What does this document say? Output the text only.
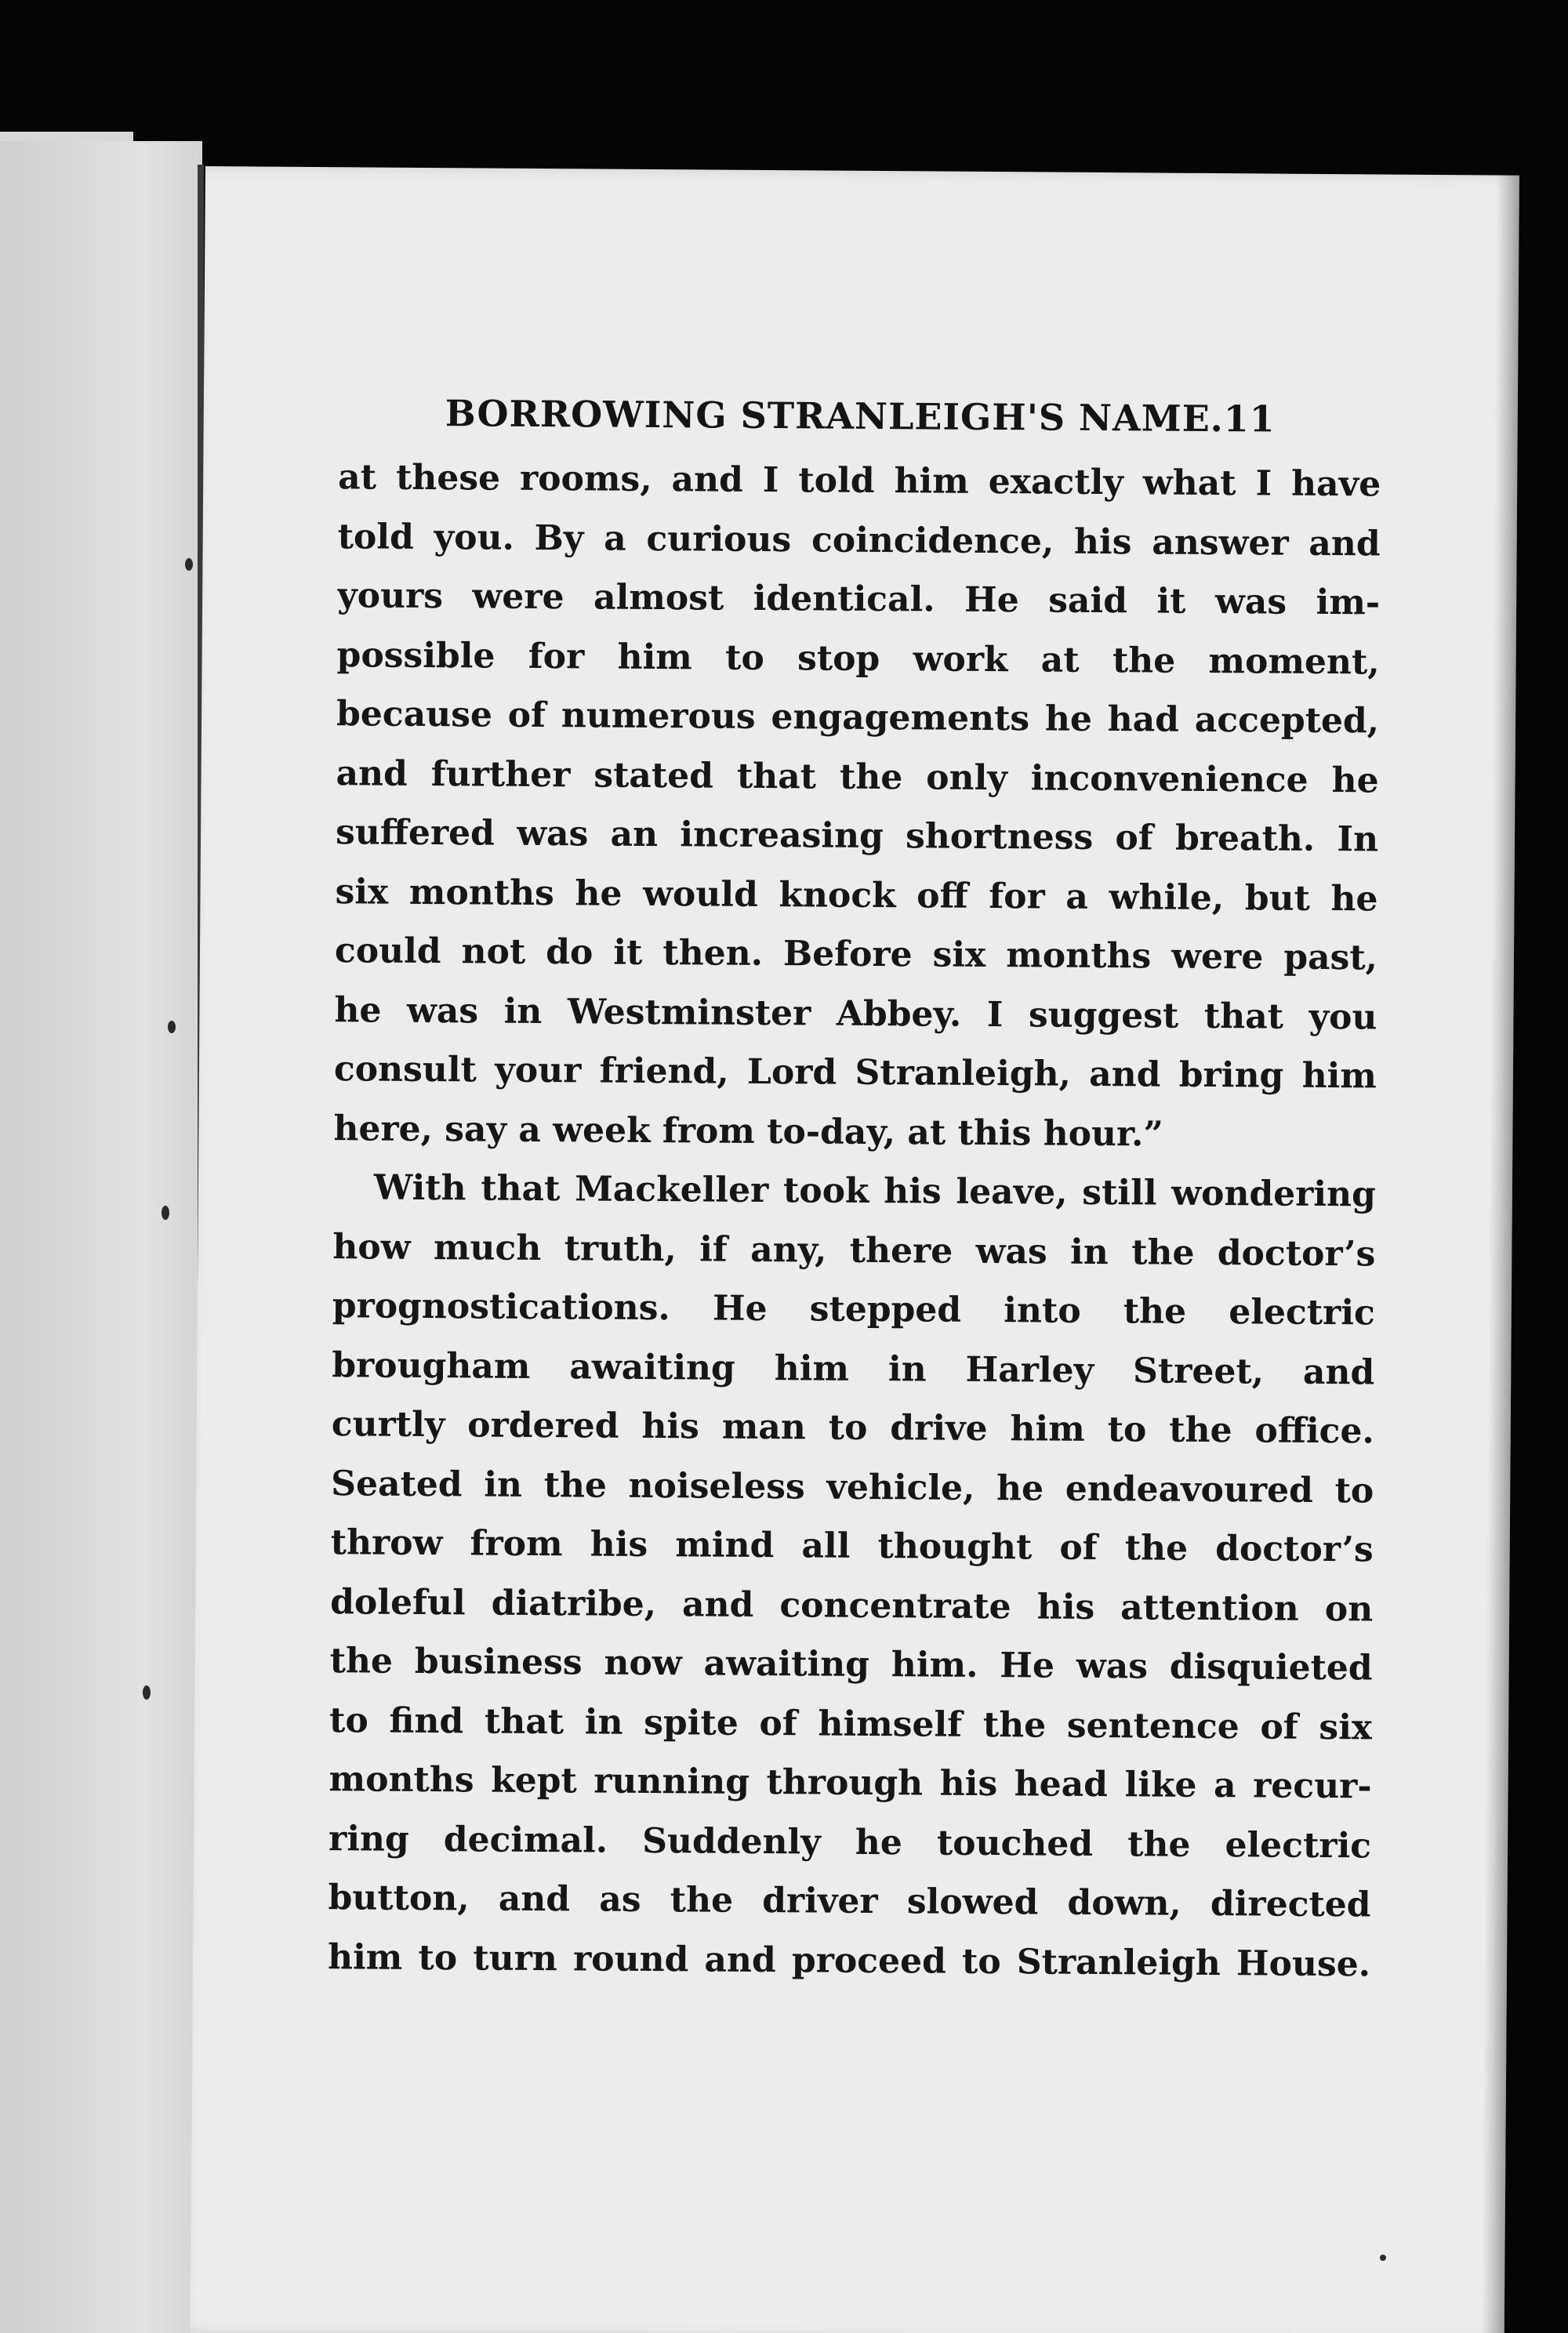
BORROWING STRANLEIGH'S NAME. 11
at these rooms, and I told him exactly what I have
told you. By a curious coincidence, his answer and
yours were almost identical. He said it was im-
possible for him to stop work at the moment,
because of numerous engagements he had accepted,
and further stated that the only inconvenience he
suffered was an increasing shortness of breath. In
six months he would knock off for a while, but he
could not do it then. Before six months were past,
he was in Westminster Abbey. I suggest that you
consult your friend, Lord Stranleigh, and bring him
here, say a week from to-day, at this hour.”
With that Mackeller took his leave, still wondering
how much truth, if any, there was in the doctor’s
prognostications. He stepped into the electric
brougham awaiting him in Harley Street, and
curtly ordered his man to drive him to the office.
Seated in the noiseless vehicle, he endeavoured to
throw from his mind all thought of the doctor’s
doleful diatribe, and concentrate his attention on
the business now awaiting him. He was disquieted
to find that in spite of himself the sentence of six
months kept running through his head like a recur-
ring decimal. Suddenly he touched the electric
button, and as the driver slowed down, directed
him to turn round and proceed to Stranleigh House.
